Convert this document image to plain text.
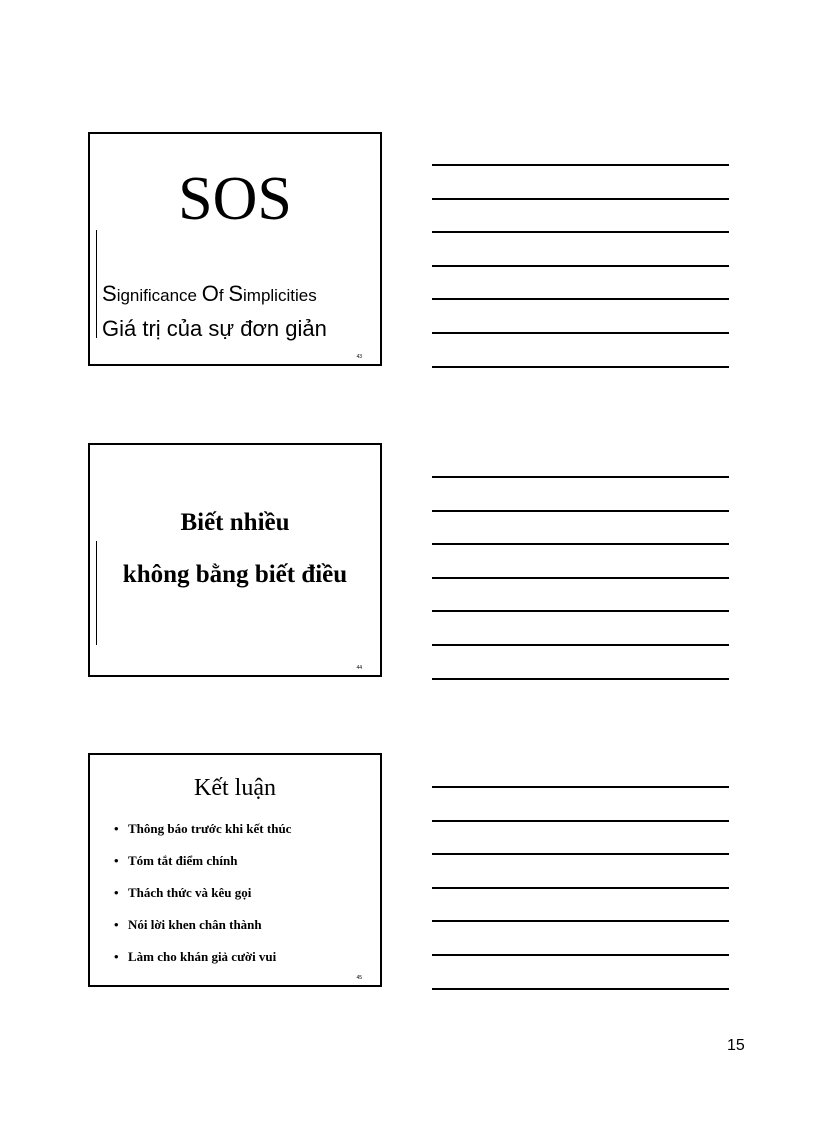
SOS
Significance Of Simplicities
Giá trị của sự đơn giản
43
Biết nhiều
không bằng biết điều
44
Kết luận
• Thông báo trước khi kết thúc
• Tóm tắt điểm chính
• Thách thức và kêu gọi
• Nói lời khen chân thành
• Làm cho khán giả cười vui
45
15
